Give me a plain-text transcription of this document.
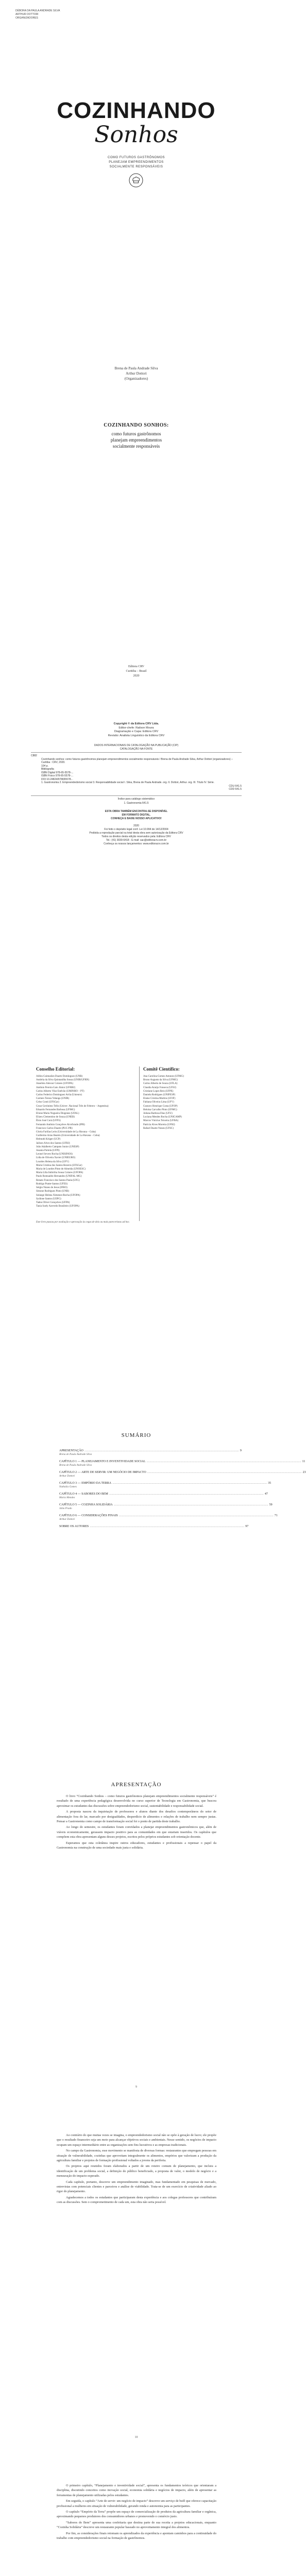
DÉBORA DA PAULA ANDRADE SILVA
ARTHUR DOTTORI
ORGANIZADORES
COZINHANDO
Sonhos
COMO FUTUROS GASTRÔNOMOS
PLANEJAM EMPREENDIMENTOS
SOCIALMENTE RESPONSÁVEIS
Brena de Paula Andrade Silva
Arthur Dottori
(Organizadores)
COZINHANDO SONHOS:
como futuros gastrônomos
planejam empreendimentos
socialmente responsáveis
Editora CRV
Curitiba – Brasil
2020
Copyright © da Editora CRV Ltda.
Editor-chefe: Railson Moura
Diagramação e Capa: Editora CRV
Revisão: Analista Linguístico da Editora CRV
DADOS INTERNACIONAIS DE CATALOGAÇÃO NA PUBLICAÇÃO (CIP)
CATALOGAÇÃO NA FONTE
C882
Cozinhando sonhos: como futuros gastrônomos planejam empreendimentos socialmente responsáveis / Brena de Paula Andrade Silva, Arthur Dottori (organizadores) – Curitiba : CRV, 2020.
104 p.
Bibliografia
ISBN Digital 978-65-5578-...
ISBN Físico 978-65-5578-...
DOI 10.24824/978655578...
1. Gastronomia 2. Empreendedorismo social 3. Responsabilidade social I. Silva, Brena de Paula Andrade. org. II. Dottori, Arthur. org. III. Título IV. Série.
CDU 641.5
CDD 641.5
Índice para catálogo sistemático
1. Gastronomia 641.5
ESTA OBRA TAMBÉM ENCONTRA-SE DISPONÍVEL
EM FORMATO DIGITAL.
CONHEÇA E BAIXE NOSSO APLICATIVO!
2020
Foi feito o depósito legal conf. Lei 10.994 de 14/12/2004
Proibida a reprodução parcial ou total desta obra sem autorização da Editora CRV
Todos os direitos desta edição reservados pela: Editora CRV
Tel.: (41) 3039-6418 - E-mail: sac@editoracrv.com.br
Conheça os nossos lançamentos: www.editoracrv.com.br
Conselho Editorial:	Comitê Científico:
Aldira Guimarães Duarte Domínguez (UNB)
Andréia da Silva Quintanilha Sousa (UNIR/UFRN)
Anselmo Alencar Colares (UFOPA)
Antônio Pereira Gaio Júnior (UFRRJ)
Carlos Alberto Vilar Estêvão (UMINHO – PT)
Carlos Federico Dominguez Avila (Unieuro)
Carmen Tereza Velanga (UNIR)
Celso Conti (UFSCar)
Cesar Gerónimo Tello (Univer .Nacional Três de Febrero – Argentina)
Eduardo Fernandes Barbosa (UFMG)
Elione Maria Nogueira Diogenes (UFAL)
Elizeu Clementino de Souza (UNEB)
Élsio José Corá (UFFS)
Fernando Antônio Gonçalves Alcoforado (IPB)
Francisco Carlos Duarte (PUC-PR)
Gloria Fariñas León (Universidade de La Havana – Cuba)
Guillermo Arias Beatón (Universidade de La Havana – Cuba)
Helmuth Krüger (UCP)
Jailson Alves dos Santos (UFRJ)
João Adalberto Campato Junior (UNESP)
Josania Portela (UFPI)
Leonel Severo Rocha (UNISINOS)
Lídia de Oliveira Xavier (UNIEURO)
Lourdes Helena da Silva (UFV)
Maria Cristina dos Santos Bezerra (UFSCar)
Maria de Lourdes Pinto de Almeida (UNOESC)
Maria Lília Imbiriba Sousa Colares (UFOPA)
Paulo Romualdo Hernandes (UNIFAL-MG)
Renato Francisco dos Santos Paula (UFG)
Rodrigo Pratte-Santos (UFES)
Sérgio Nunes de Jesus (IFRO)
Simone Rodrigues Pinto (UNB)
Solange Helena Ximenes-Rocha (UFOPA)
Sydione Santos (UEPG)
Tadeu Oliver Gonçalves (UFPA)
Tania Suely Azevedo Brasileiro (UFOPA)
Ana Carolina Gomes Antunes (UFMG)
Bruno Augusto da Silva (UFMG)
Carlos Alberto de Souza (UFLA)
Claudia Araújo Fonseca (UFSJ)
Cristiane Lopes Reis (UFPE)
Daniela Rodrigues (UNIFESP)
Elaine Cristina Martins (UFJF)
Fabiana Oliveira Lima (UFV)
Gustavo Henrique Costa (UFOP)
Heloísa Carvalho Pinto (UFMG)
Juliana Barbosa Dias (UFU)
Luciana Mendes Rocha (UNICAMP)
Marcos Vinícius Teixeira (UFBA)
Patrícia Alves Moreira (UFRJ)
Rafael Duarte Nunes (UFSC)
Este livro passou por avaliação e aprovação às cegas de dois ou mais pareceristas ad hoc.
SUMÁRIO
APRESENTAÇÃO ........................................................................................................................................................................................................ 9
Brena de Paula Andrade Silva
CAPÍTULO 1 — PLANEJAMENTO E INVENTIVIDADE SOCIAL ........................................................................................................................................................................................................ 11
Brena de Paula Andrade Silva
CAPÍTULO 2 — ARTE DE SERVIR: UM NEGÓCIO DE IMPACTO ........................................................................................................................................................................................................ 23
Arthur Dottori
CAPÍTULO 3 — EMPÓRIO DA TERRA ........................................................................................................................................................................................................ 35
Nathalia Gomes
CAPÍTULO 4 — SABORES DO BEM ........................................................................................................................................................................................................ 47
Maria Mendes
CAPÍTULO 5 — COZINHA SOLIDÁRIA ........................................................................................................................................................................................................ 59
Júlia Prado
CAPÍTULO 6 — CONSIDERAÇÕES FINAIS ........................................................................................................................................................................................................ 71
Arthur Dottori
SOBRE OS AUTORES ........................................................................................................................................................................................................ 97
APRESENTAÇÃO

O livro “Cozinhando Sonhos – como futuros gastrônomos planejam empreendimentos socialmente responsáveis” é resultado de uma experiência pedagógica desenvolvida no curso superior de Tecnologia em Gastronomia, que buscou aproximar os estudantes das discussões sobre empreendedorismo social, sustentabilidade e responsabilidade social.

A proposta nasceu da inquietação de professores e alunos diante dos desafios contemporâneos do setor de alimentação fora do lar, marcado por desigualdades, desperdício de alimentos e relações de trabalho nem sempre justas. Pensar a Gastronomia como campo de transformação social foi o ponto de partida deste trabalho.

Ao longo do semestre, os estudantes foram convidados a planejar empreendimentos gastronômicos que, além de viáveis economicamente, gerassem impacto positivo para as comunidades em que estariam inseridos. Os capítulos que compõem esta obra apresentam alguns desses projetos, escritos pelos próprios estudantes sob orientação docente.

Esperamos que esta coletânea inspire outros educadores, estudantes e profissionais a repensar o papel da Gastronomia na construção de uma sociedade mais justa e solidária.

9

Ao contrário do que muitas vezes se imagina, o empreendedorismo social não se opõe à geração de lucro; ele propõe que o resultado financeiro seja um meio para alcançar objetivos sociais e ambientais. Nesse sentido, os negócios de impacto ocupam um espaço intermediário entre as organizações sem fins lucrativos e as empresas tradicionais.

No campo da Gastronomia, esse movimento se manifesta de diversas formas: restaurantes que empregam pessoas em situação de vulnerabilidade, cozinhas que aproveitam integralmente os alimentos, empórios que valorizam a produção da agricultura familiar e projetos de formação profissional voltados a jovens da periferia.

Os projetos aqui reunidos foram elaborados a partir de um roteiro comum de planejamento, que incluiu a identificação de um problema social, a definição do público beneficiado, a proposta de valor, o modelo de negócio e a mensuração do impacto esperado.

Cada capítulo, portanto, descreve um empreendimento imaginado, mas fundamentado em pesquisas de mercado, entrevistas com potenciais clientes e parceiros e análise de viabilidade. Trata-se de um exercício de criatividade aliado ao rigor do planejamento.

Agradecemos a todos os estudantes que participaram desta experiência e aos colegas professores que contribuíram com as discussões. Sem o comprometimento de cada um, esta obra não seria possível.

10

O primeiro capítulo, “Planejamento e inventividade social”, apresenta os fundamentos teóricos que orientaram a disciplina, discutindo conceitos como inovação social, economia solidária e negócios de impacto, além de apresentar as ferramentas de planejamento utilizadas pelos estudantes.

Em seguida, o capítulo “Arte de servir: um negócio de impacto” descreve um serviço de bufê que oferece capacitação profissional a mulheres em situação de vulnerabilidade, gerando renda e autonomia para as participantes.

O capítulo “Empório da Terra” propõe um espaço de comercialização de produtos da agricultura familiar e orgânica, aproximando pequenos produtores dos consumidores urbanos e promovendo o comércio justo.

“Sabores do Bem” apresenta uma confeitaria que destina parte de sua receita a projetos educacionais, enquanto “Cozinha Solidária” descreve um restaurante popular baseado no aproveitamento integral dos alimentos.

Por fim, as considerações finais retomam os aprendizados da experiência e apontam caminhos para a continuidade do trabalho com empreendedorismo social na formação de gastrônomos.
